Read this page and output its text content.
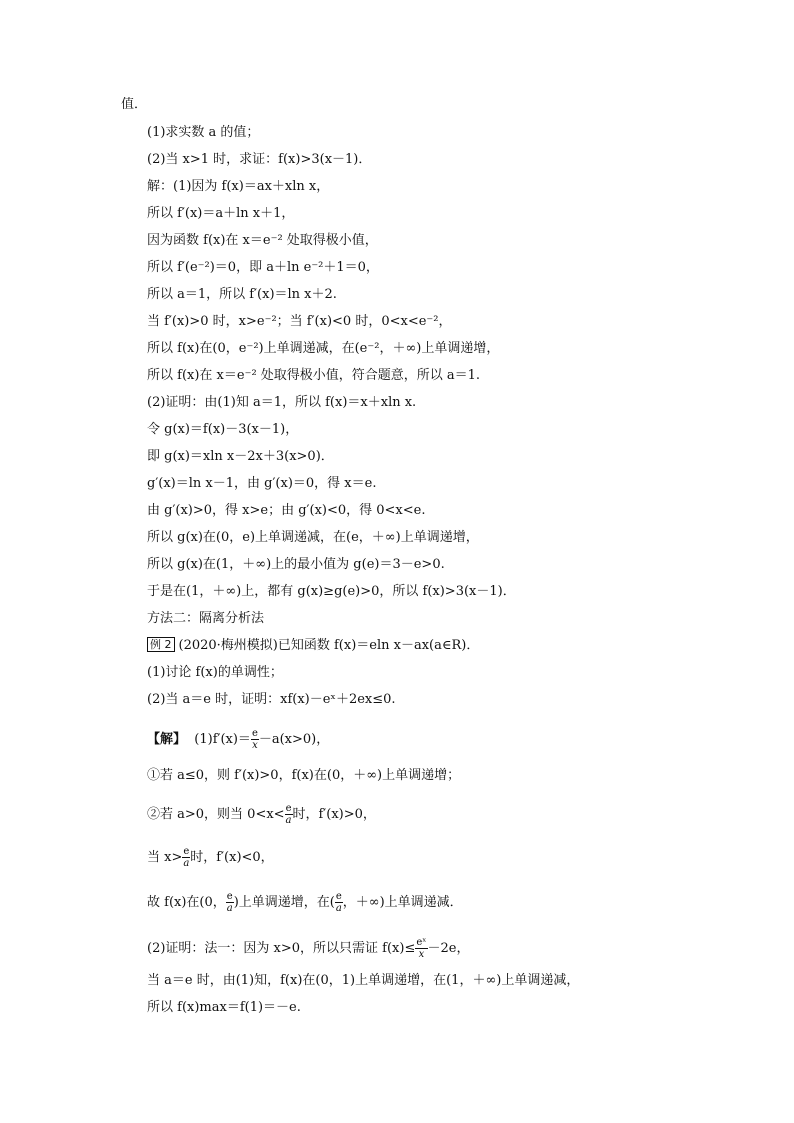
值．
(1)求实数 a 的值；
(2)当 x>1 时，求证：f(x)>3(x－1)．
解：(1)因为 f(x)＝ax＋xln x，
所以 f′(x)＝a＋ln x＋1，
因为函数 f(x)在 x＝e⁻² 处取得极小值，
所以 f′(e⁻²)＝0，即 a＋ln e⁻²＋1＝0，
所以 a＝1，所以 f′(x)＝ln x＋2.
当 f′(x)>0 时，x>e⁻²；当 f′(x)<0 时，0<x<e⁻²，
所以 f(x)在(0，e⁻²)上单调递减，在(e⁻²，＋∞)上单调递增，
所以 f(x)在 x＝e⁻² 处取得极小值，符合题意，所以 a＝1.
(2)证明：由(1)知 a＝1，所以 f(x)＝x＋xln x.
令 g(x)＝f(x)－3(x－1)，
即 g(x)＝xln x－2x＋3(x>0)．
g′(x)＝ln x－1，由 g′(x)＝0，得 x＝e.
由 g′(x)>0，得 x>e；由 g′(x)<0，得 0<x<e.
所以 g(x)在(0，e)上单调递减，在(e，＋∞)上单调递增，
所以 g(x)在(1，＋∞)上的最小值为 g(e)＝3－e>0.
于是在(1，＋∞)上，都有 g(x)≥g(e)>0，所以 f(x)>3(x－1)．
方法二：隔离分析法
例 2 (2020·梅州模拟)已知函数 f(x)＝eln x－ax(a∈R)．
(1)讨论 f(x)的单调性；
(2)当 a＝e 时，证明：xf(x)－eˣ＋2ex≤0.
【解】 $(1)f'(x)= \frac{e}{x} -a(x>0)$，
①若 a≤0，则 f′(x)>0，f(x)在(0，＋∞)上单调递增；
②若 a>0，则当 $0<x< \frac{e}{a}$ 时，f′(x)>0，
当 $x> \frac{e}{a}$ 时，f′(x)<0，
故 f(x)在(0， $\frac{e}{a}$ )上单调递增，在( $\frac{e}{a}$ ，＋∞)上单调递减．
(2)证明：法一：因为 x>0，所以只需证 $f(x)\le \frac{\text{eˣ}}{x} -2e$，
当 a＝e 时，由(1)知，f(x)在(0，1)上单调递增，在(1，＋∞)上单调递减，
所以 f(x)max＝f(1)＝－e.
